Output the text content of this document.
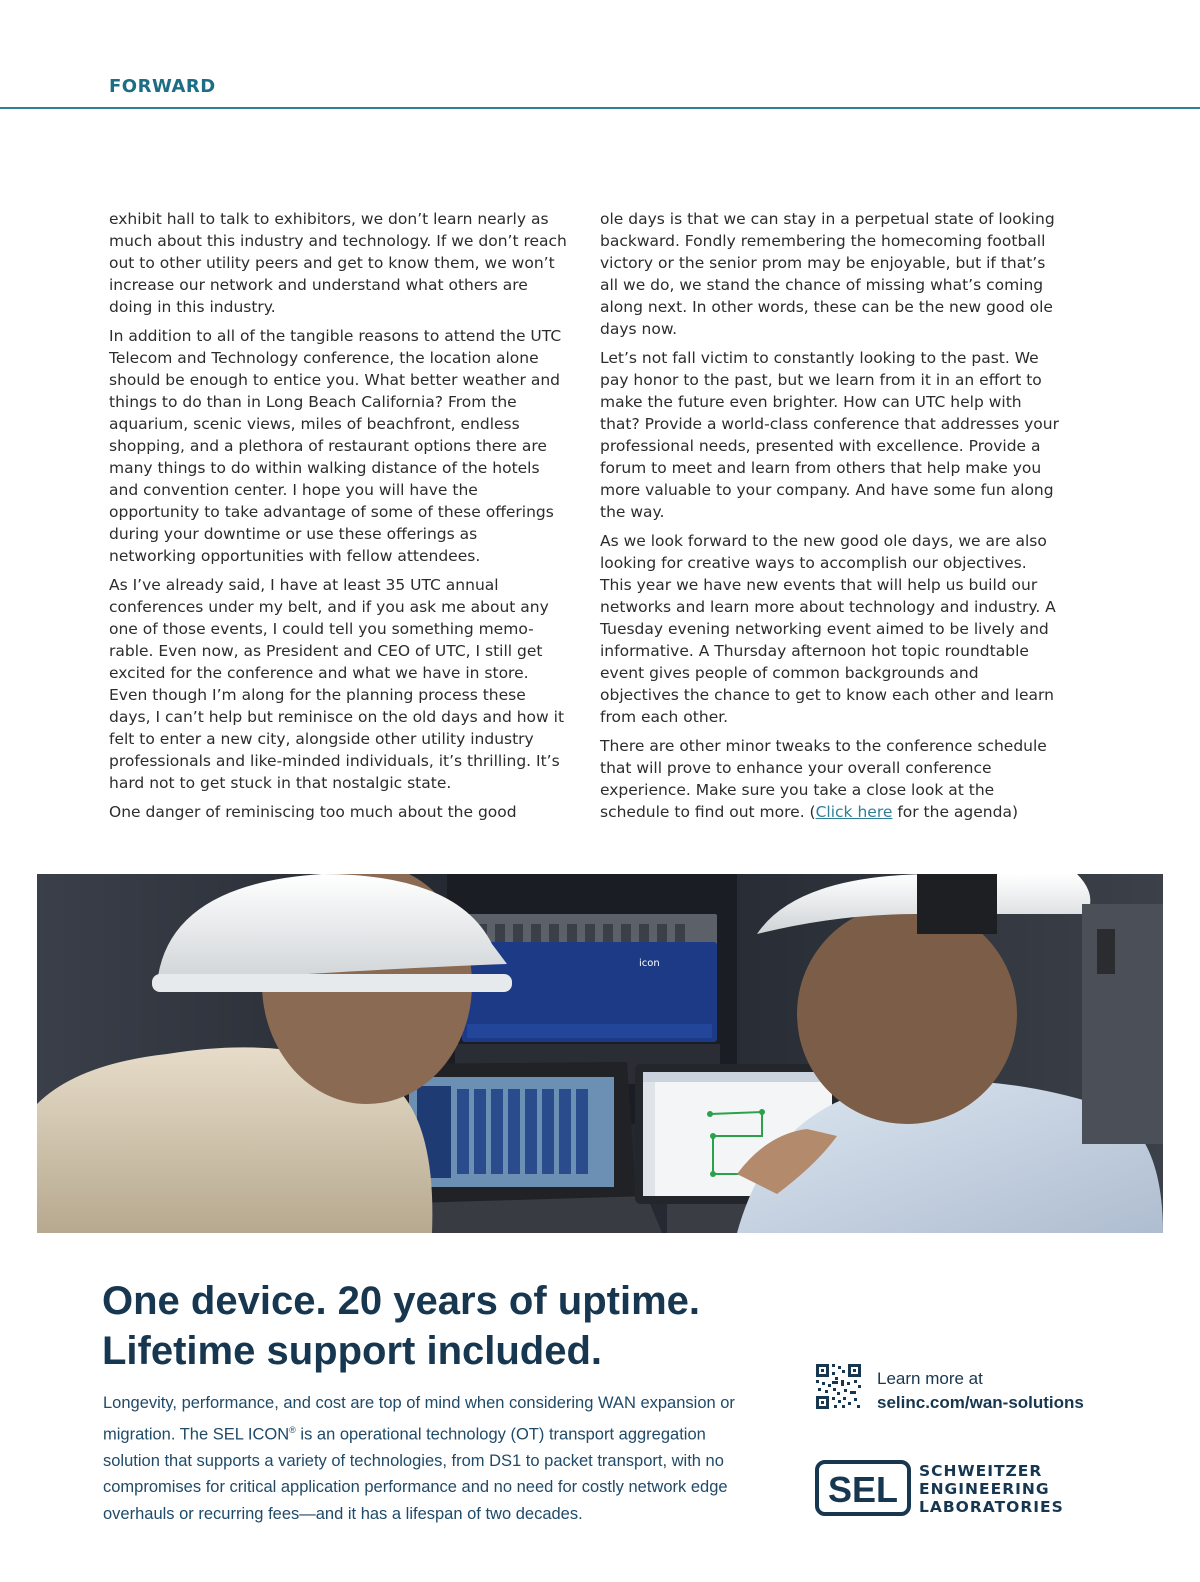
FORWARD

exhibit hall to talk to exhibitors, we don’t learn nearly as much about this industry and technology. If we don’t reach out to other utility peers and get to know them, we won’t increase our network and understand what others are doing in this industry.

In addition to all of the tangible reasons to attend the UTC Telecom and Technology conference, the location alone should be enough to entice you. What better weather and things to do than in Long Beach California? From the aquarium, scenic views, miles of beachfront, endless shopping, and a plethora of restaurant options there are many things to do within walking distance of the hotels and convention center. I hope you will have the opportunity to take advantage of some of these offerings during your downtime or use these offerings as networking opportunities with fellow attendees.

As I’ve already said, I have at least 35 UTC annual conferences under my belt, and if you ask me about any one of those events, I could tell you something memo-rable. Even now, as President and CEO of UTC, I still get excited for the conference and what we have in store. Even though I’m along for the planning process these days, I can’t help but reminisce on the old days and how it felt to enter a new city, alongside other utility industry professionals and like-minded individuals, it’s thrilling. It’s hard not to get stuck in that nostalgic state.

One danger of reminiscing too much about the good

ole days is that we can stay in a perpetual state of looking backward. Fondly remembering the homecoming football victory or the senior prom may be enjoyable, but if that’s all we do, we stand the chance of missing what’s coming along next. In other words, these can be the new good ole days now.

Let’s not fall victim to constantly looking to the past. We pay honor to the past, but we learn from it in an effort to make the future even brighter. How can UTC help with that? Provide a world-class conference that addresses your professional needs, presented with excellence. Provide a forum to meet and learn from others that help make you more valuable to your company. And have some fun along the way.

As we look forward to the new good ole days, we are also looking for creative ways to accomplish our objectives. This year we have new events that will help us build our networks and learn more about technology and industry. A Tuesday evening networking event aimed to be lively and informative. A Thursday afternoon hot topic roundtable event gives people of common backgrounds and objectives the chance to get to know each other and learn from each other.

There are other minor tweaks to the conference schedule that will prove to enhance your overall conference experience. Make sure you take a close look at the schedule to find out more. (Click here for the agenda)

icon
One device. 20 years of uptime.
Lifetime support included.

Longevity, performance, and cost are top of mind when considering WAN expansion or migration. The SEL ICON® is an operational technology (OT) transport aggregation solution that supports a variety of technologies, from DS1 to packet transport, with no compromises for critical application performance and no need for costly network edge overhauls or recurring fees—and it has a lifespan of two decades.

Learn more at
selinc.com/wan-solutions
SEL SCHWEITZER
ENGINEERING
LABORATORIES
